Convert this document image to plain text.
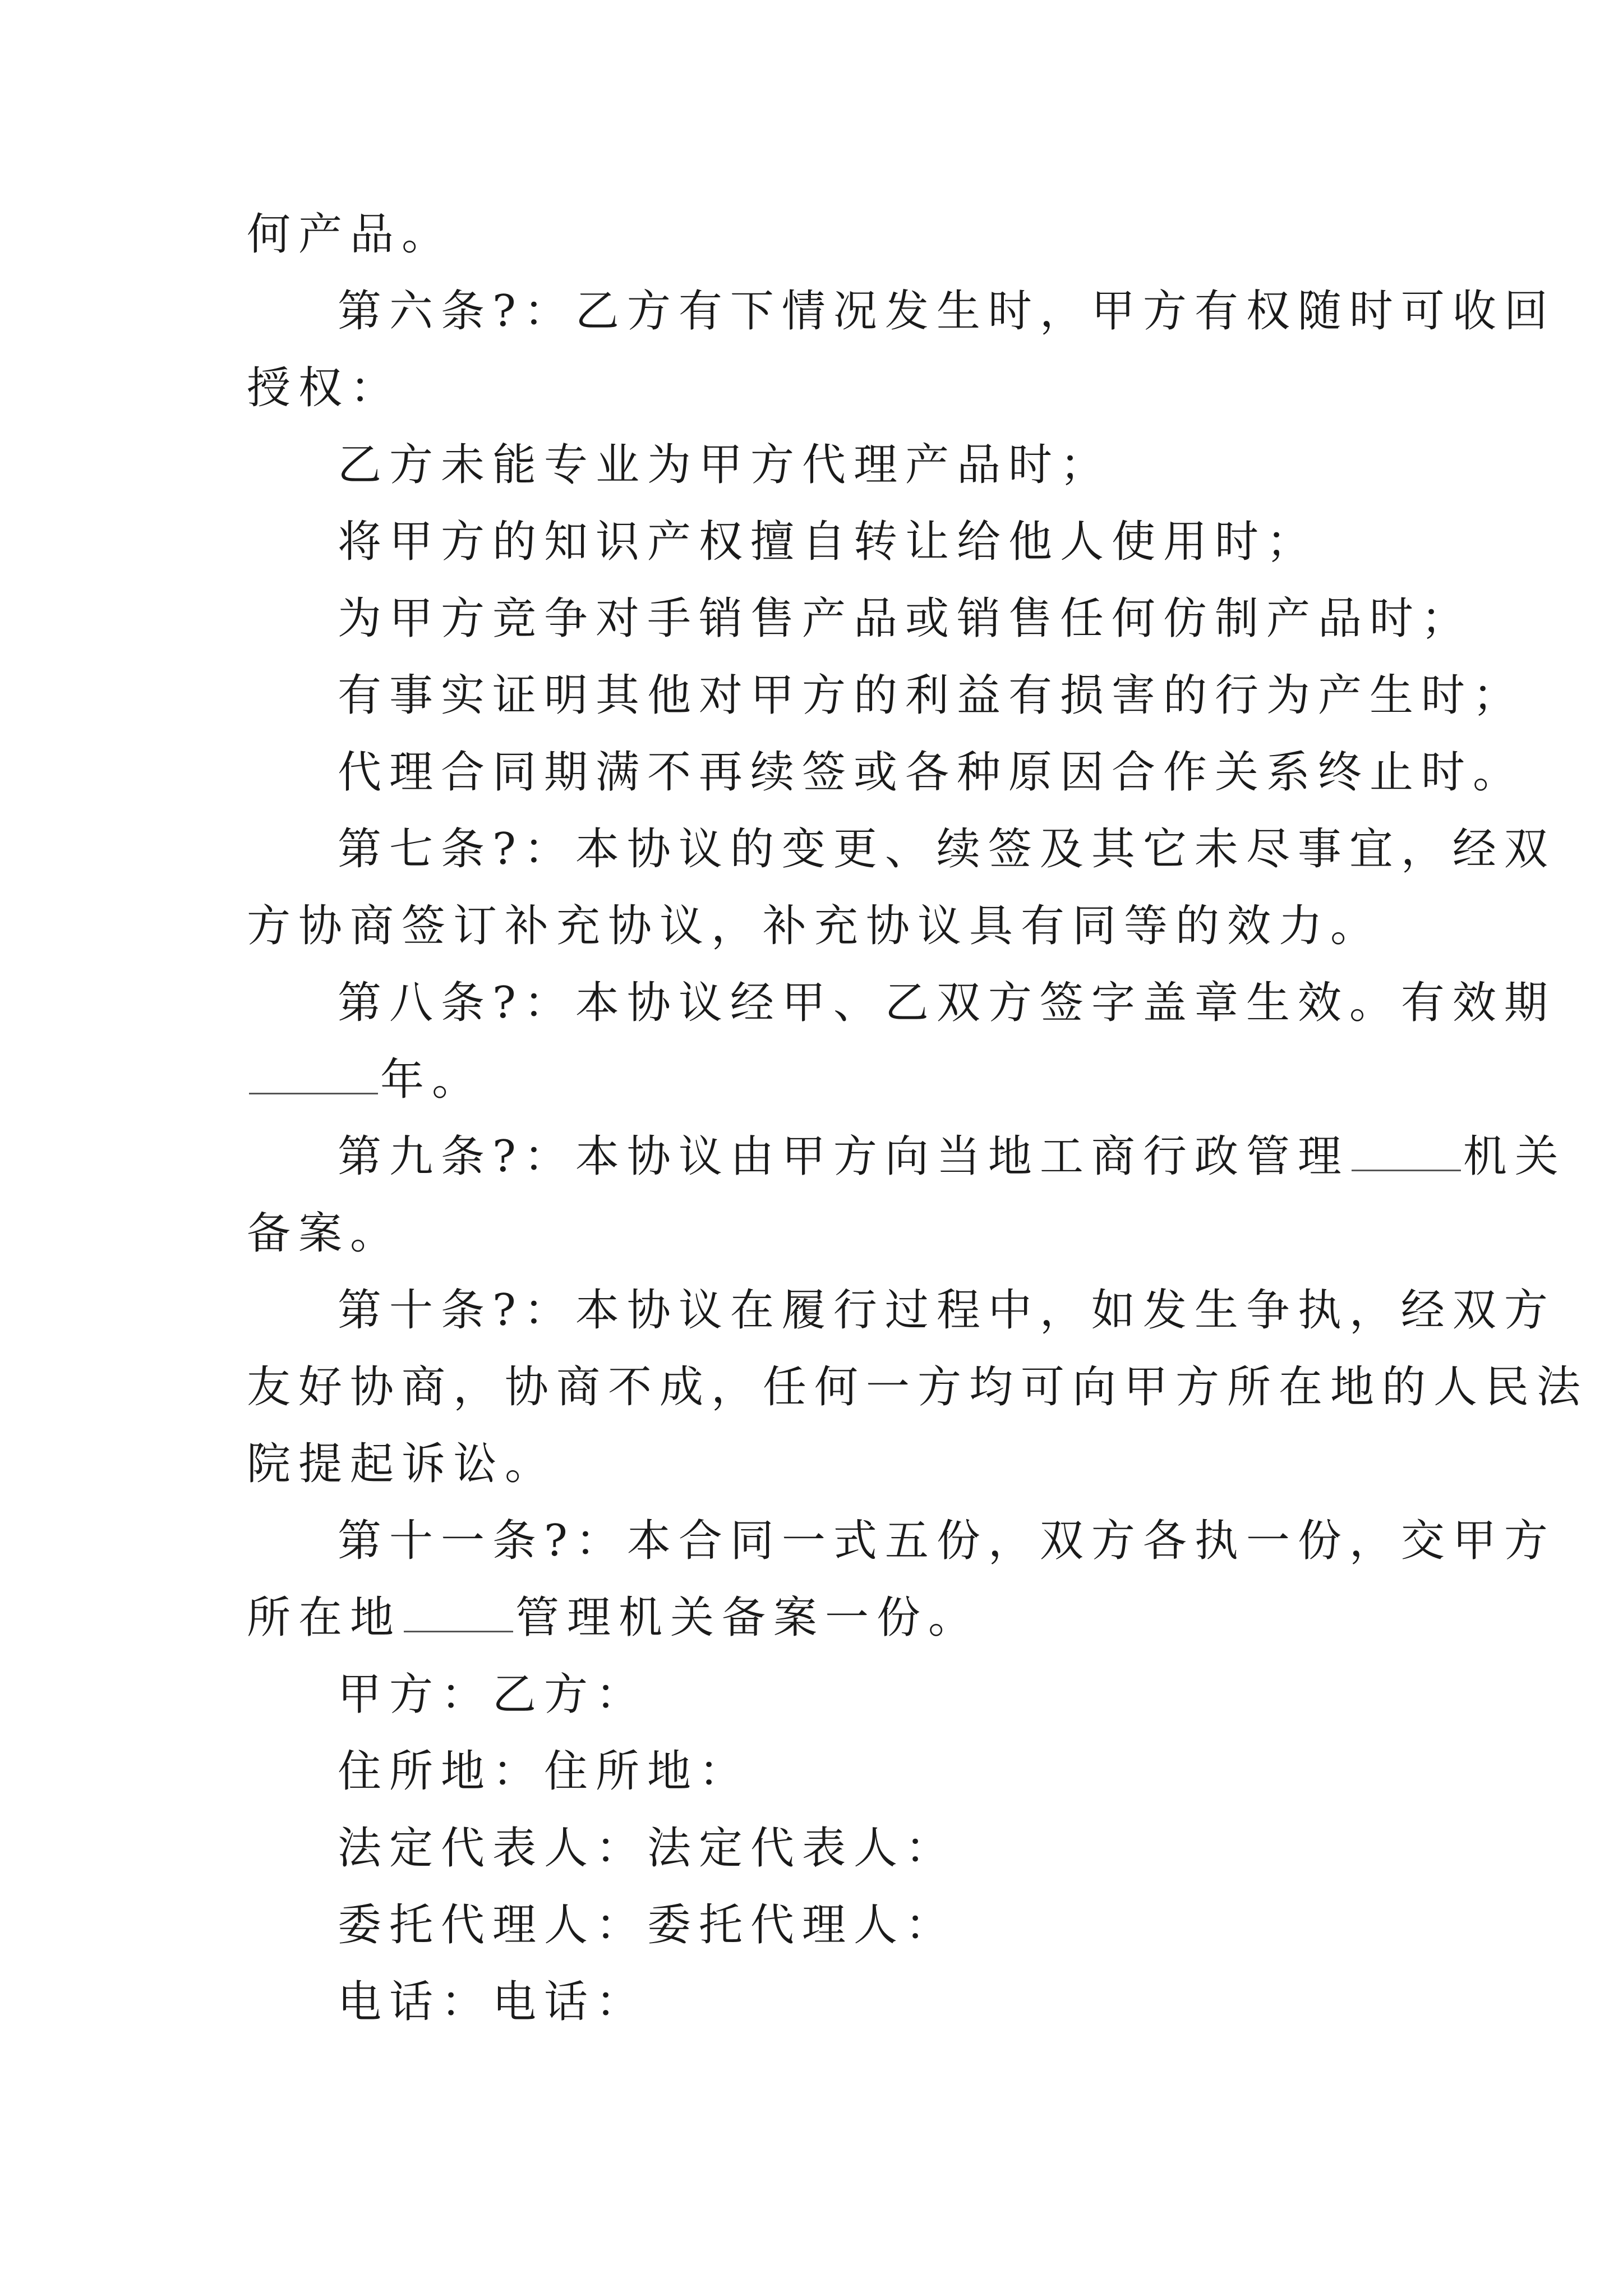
何产品。
第六条?：乙方有下情况发生时，甲方有权随时可收回
授权：
乙方未能专业为甲方代理产品时；
将甲方的知识产权擅自转让给他人使用时；
为甲方竞争对手销售产品或销售任何仿制产品时；
有事实证明其他对甲方的利益有损害的行为产生时；
代理合同期满不再续签或各种原因合作关系终止时。
第七条?：本协议的变更、续签及其它未尽事宜，经双
方协商签订补充协议，补充协议具有同等的效力。
第八条?：本协议经甲、乙双方签字盖章生效。有效期
年。
第九条?：本协议由甲方向当地工商行政管理	机关
备案。
第十条?：本协议在履行过程中，如发生争执，经双方
友好协商，协商不成，任何一方均可向甲方所在地的人民法
院提起诉讼。
第十一条?：本合同一式五份，双方各执一份，交甲方
所在地	管理机关备案一份。
甲方：乙方：
住所地：住所地：
法定代表人：法定代表人：
委托代理人：委托代理人：
电话：电话：
